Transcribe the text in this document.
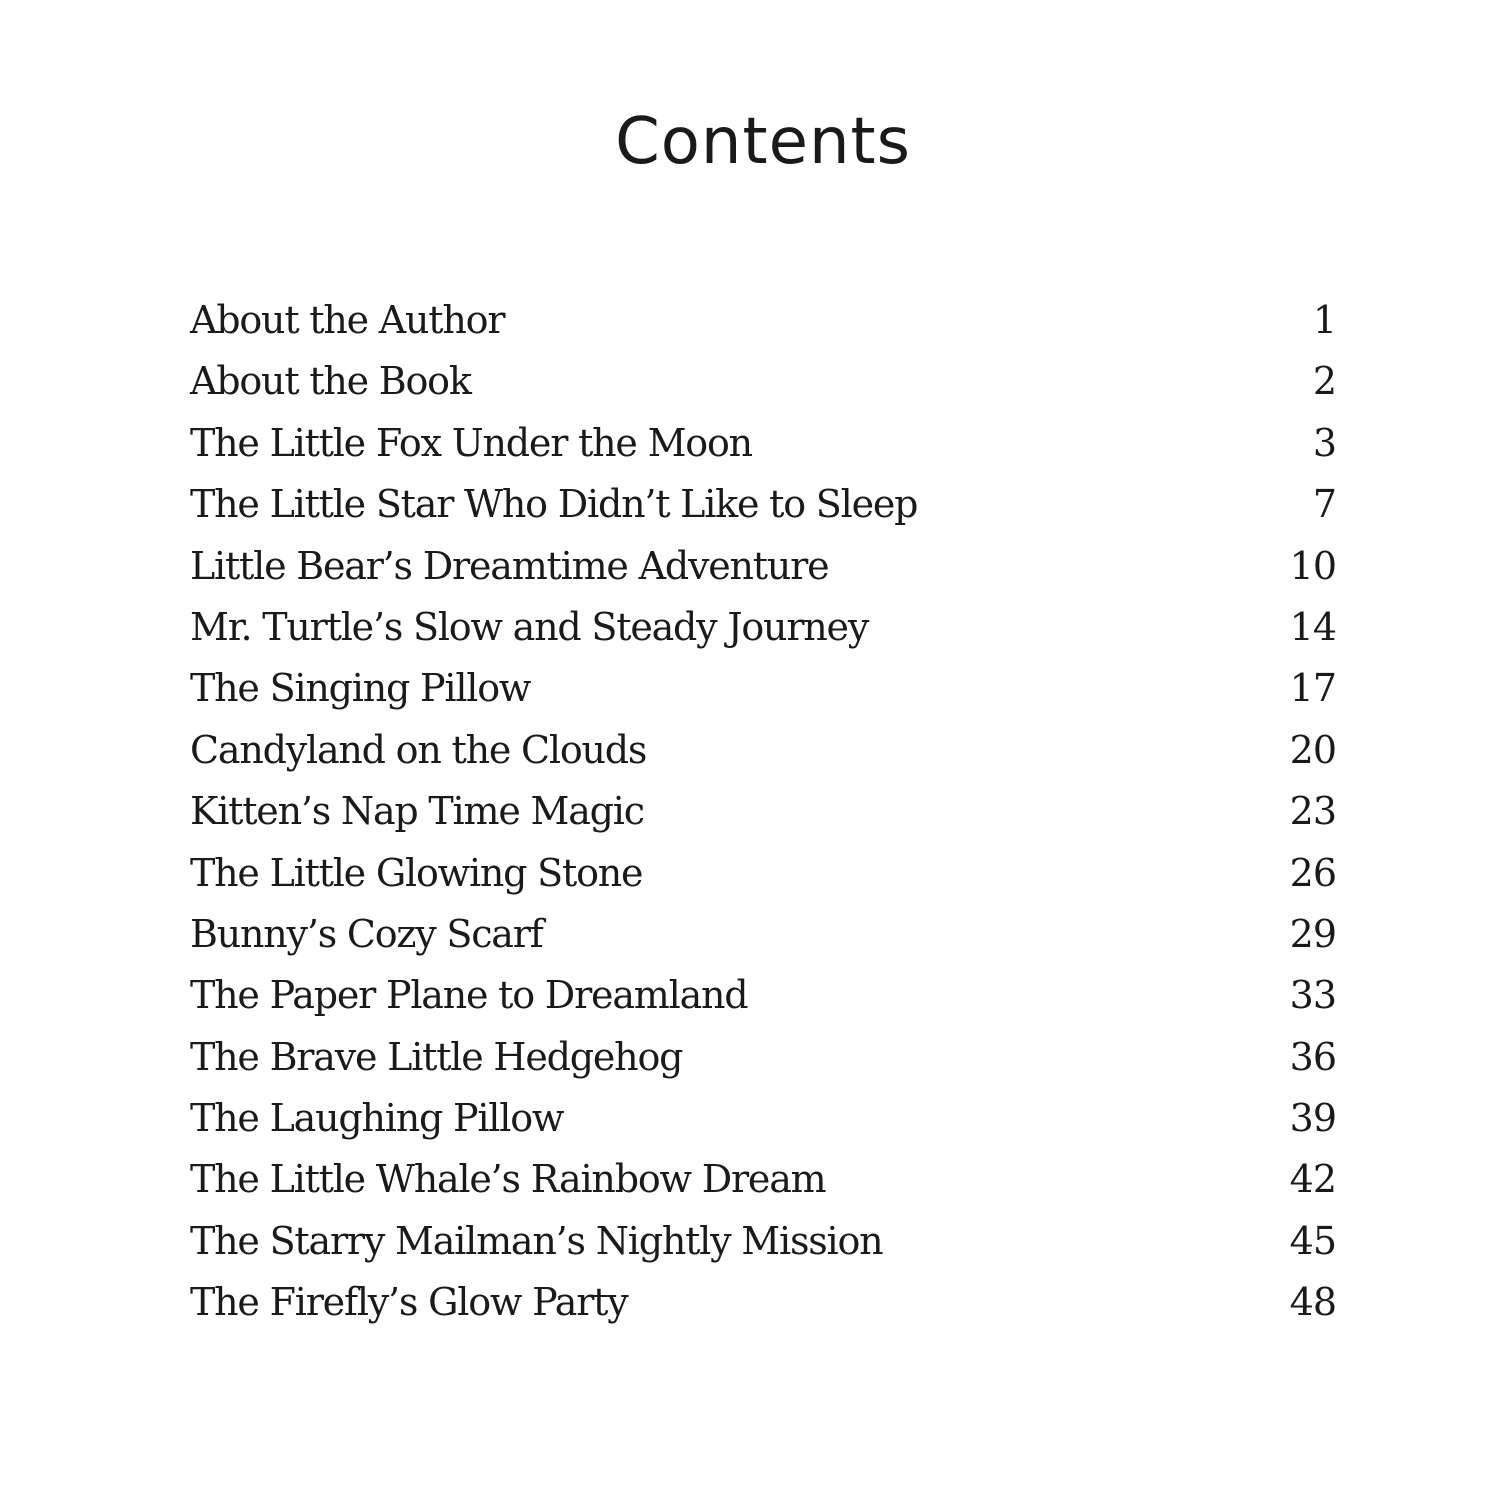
Contents
About the Author	1
About the Book	2
The Little Fox Under the Moon	3
The Little Star Who Didn’t Like to Sleep	7
Little Bear’s Dreamtime Adventure	10
Mr. Turtle’s Slow and Steady Journey	14
The Singing Pillow	17
Candyland on the Clouds	20
Kitten’s Nap Time Magic	23
The Little Glowing Stone	26
Bunny’s Cozy Scarf	29
The Paper Plane to Dreamland	33
The Brave Little Hedgehog	36
The Laughing Pillow	39
The Little Whale’s Rainbow Dream	42
The Starry Mailman’s Nightly Mission	45
The Firefly’s Glow Party	48
